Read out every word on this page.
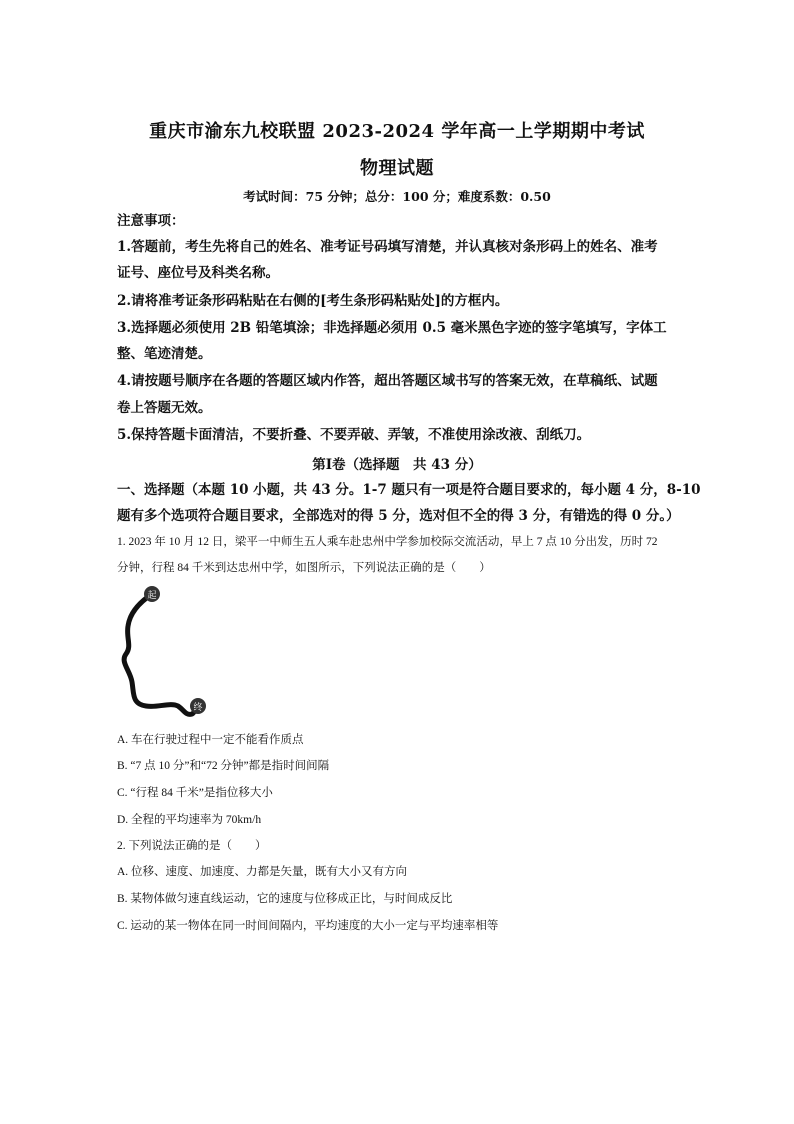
重庆市渝东九校联盟 2023-2024 学年高一上学期期中考试
物理试题
考试时间：75 分钟；总分：100 分；难度系数：0.50
注意事项：
1.答题前，考生先将自己的姓名、准考证号码填写清楚，并认真核对条形码上的姓名、准考
证号、座位号及科类名称。
2.请将准考证条形码粘贴在右侧的[考生条形码粘贴处]的方框内。
3.选择题必须使用 2B 铅笔填涂；非选择题必须用 0.5 毫米黑色字迹的签字笔填写，字体工
整、笔迹清楚。
4.请按题号顺序在各题的答题区域内作答，超出答题区域书写的答案无效，在草稿纸、试题
卷上答题无效。
5.保持答题卡面清洁，不要折叠、不要弄破、弄皱，不准使用涂改液、刮纸刀。
第Ⅰ卷（选择题　共 43 分）
一、选择题（本题 10 小题，共 43 分。1-7 题只有一项是符合题目要求的，每小题 4 分，8-10
题有多个选项符合题目要求，全部选对的得 5 分，选对但不全的得 3 分，有错选的得 0 分。）
1. 2023 年 10 月 12 日，梁平一中师生五人乘车赴忠州中学参加校际交流活动，早上 7 点 10 分出发，历时 72
分钟，行程 84 千米到达忠州中学，如图所示，下列说法正确的是（　　）
起
终
A. 车在行驶过程中一定不能看作质点
B. “7 点 10 分”和“72 分钟”都是指时间间隔
C. “行程 84 千米”是指位移大小
D. 全程的平均速率为 70km/h
2. 下列说法正确的是（　　）
A. 位移、速度、加速度、力都是矢量，既有大小又有方向
B. 某物体做匀速直线运动，它的速度与位移成正比，与时间成反比
C. 运动的某一物体在同一时间间隔内，平均速度的大小一定与平均速率相等
